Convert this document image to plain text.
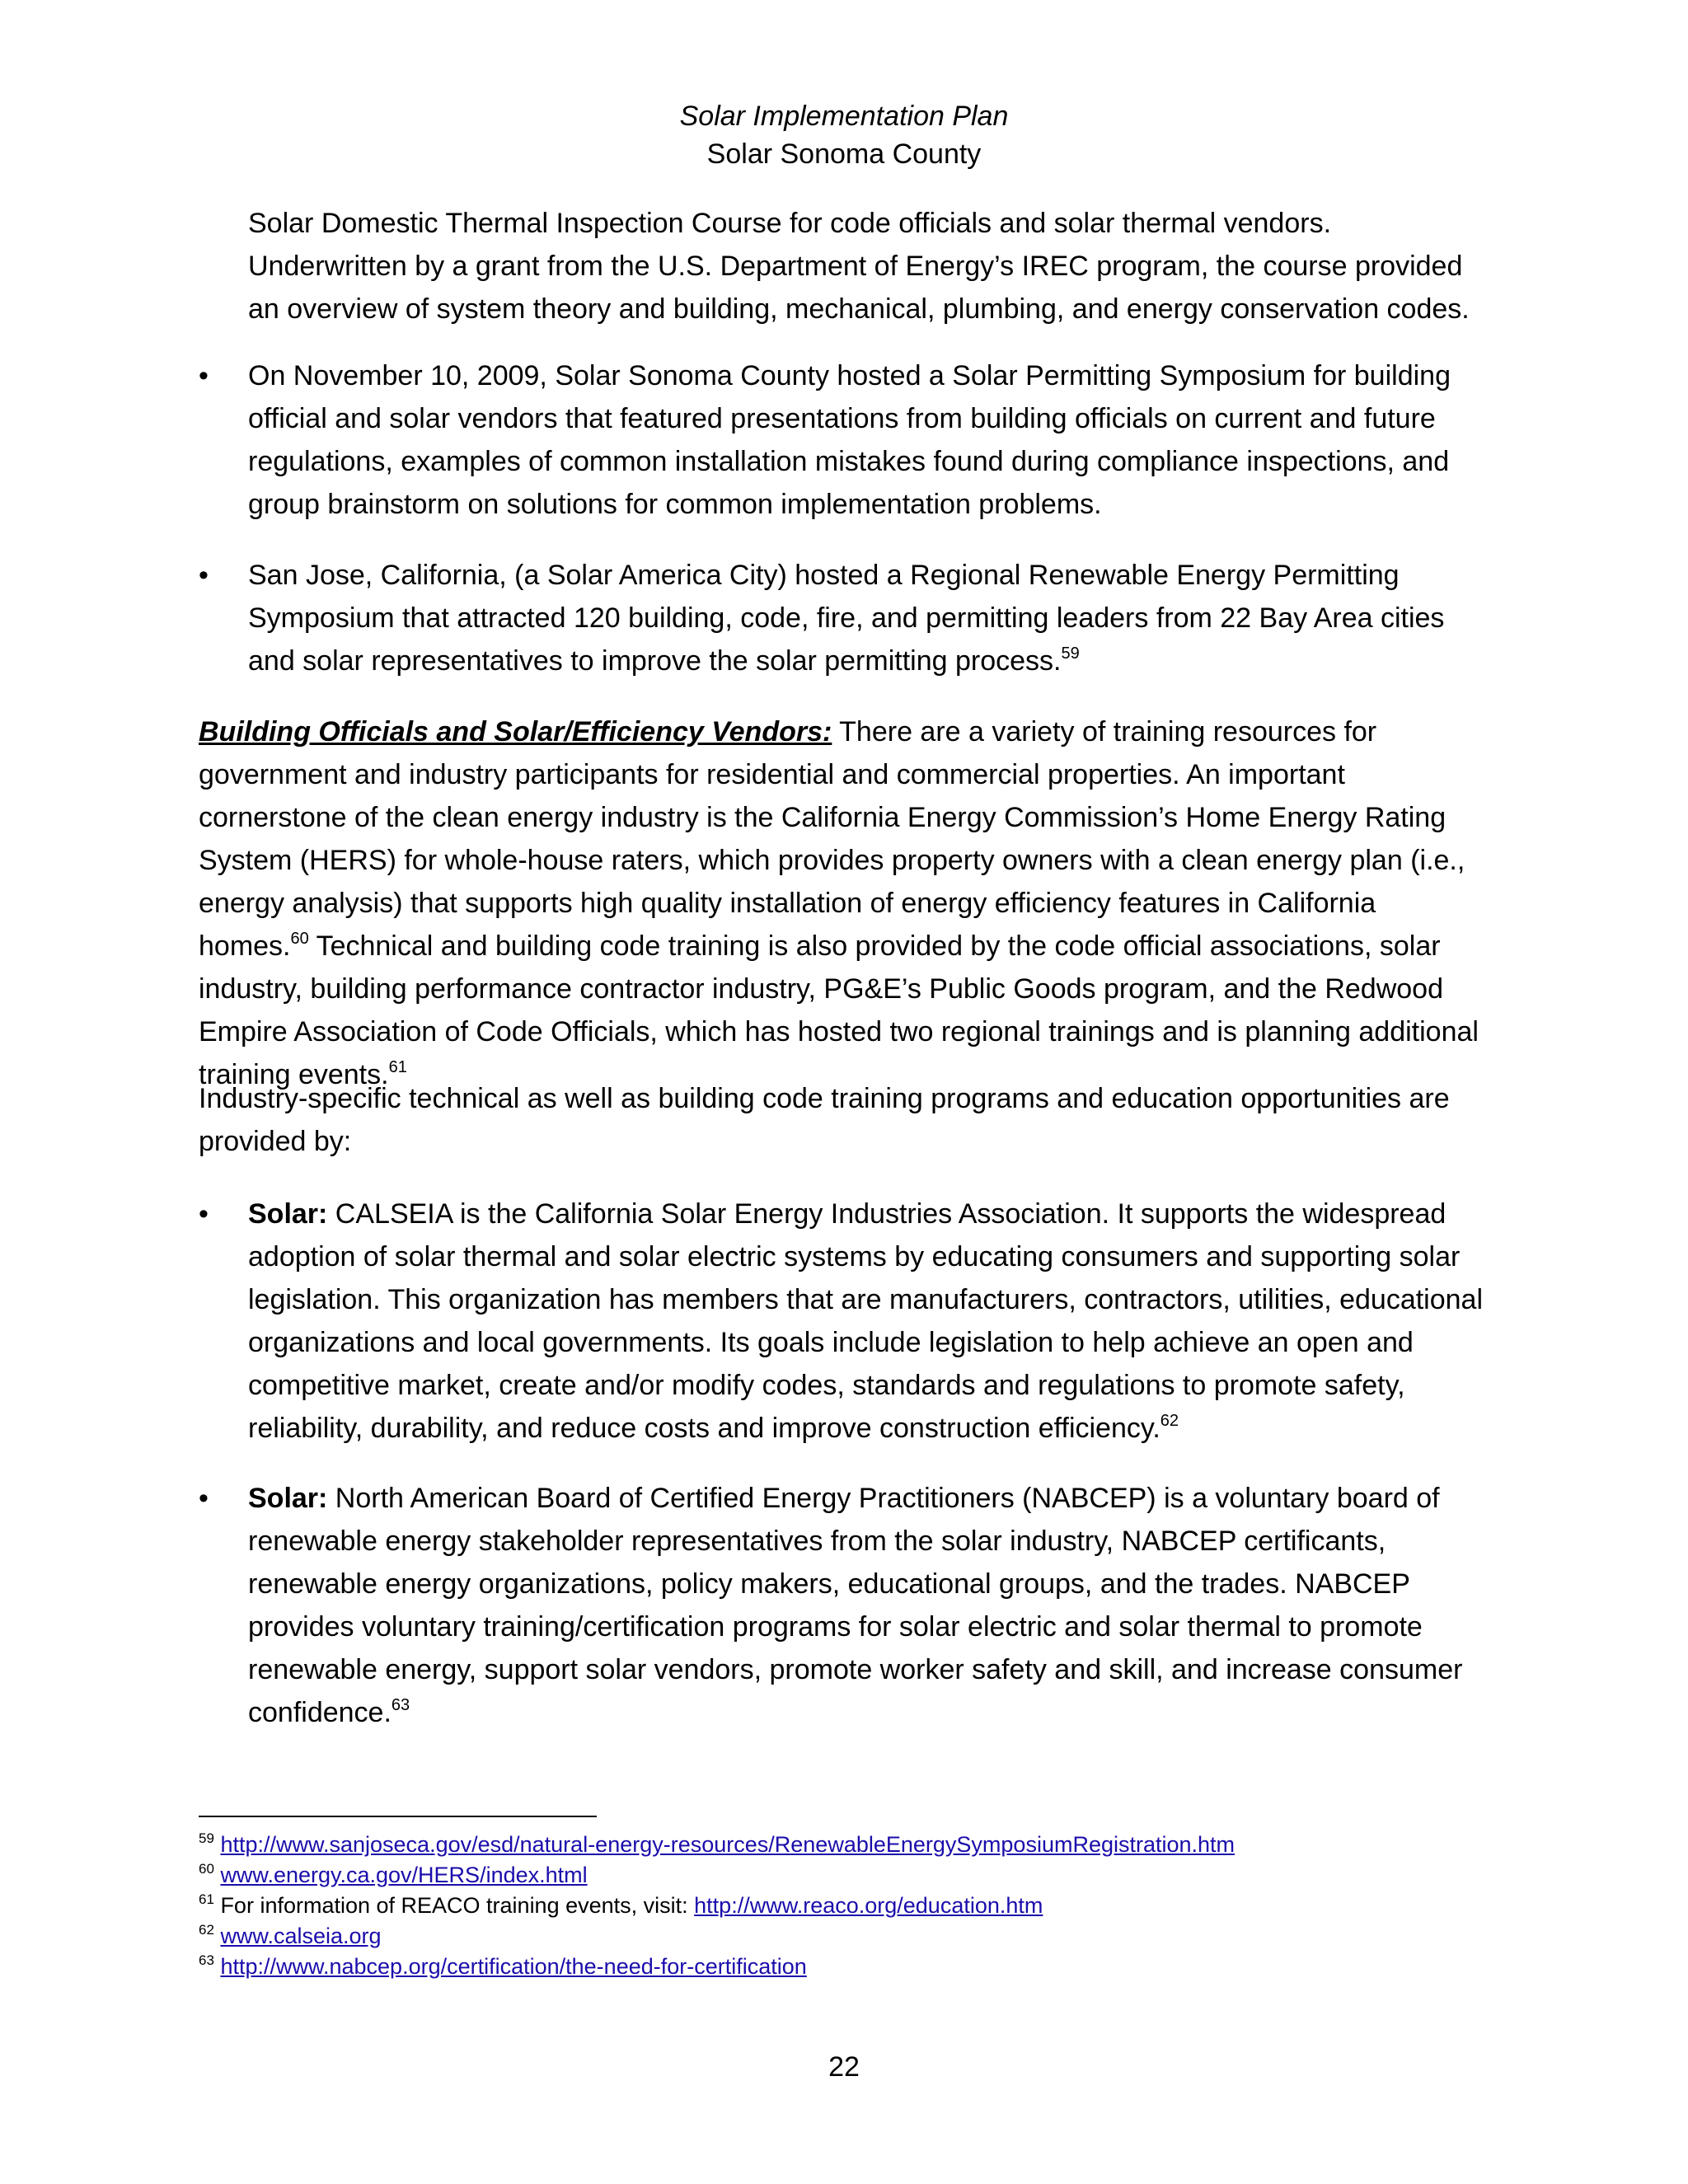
Solar Implementation Plan
Solar Sonoma County

Solar Domestic Thermal Inspection Course for code officials and solar thermal vendors. Underwritten by a grant from the U.S. Department of Energy’s IREC program, the course provided an overview of system theory and building, mechanical, plumbing, and energy conservation codes.

•	On November 10, 2009, Solar Sonoma County hosted a Solar Permitting Symposium for building official and solar vendors that featured presentations from building officials on current and future regulations, examples of common installation mistakes found during compliance inspections, and group brainstorm on solutions for common implementation problems.

•	San Jose, California, (a Solar America City) hosted a Regional Renewable Energy Permitting Symposium that attracted 120 building, code, fire, and permitting leaders from 22 Bay Area cities and solar representatives to improve the solar permitting process.$^{59}$

Building Officials and Solar/Efficiency Vendors: There are a variety of training resources for government and industry participants for residential and commercial properties. An important cornerstone of the clean energy industry is the California Energy Commission’s Home Energy Rating System (HERS) for whole-house raters, which provides property owners with a clean energy plan (i.e., energy analysis) that supports high quality installation of energy efficiency features in California homes.$^{60}$ Technical and building code training is also provided by the code official associations, solar industry, building performance contractor industry, PG&E’s Public Goods program, and the Redwood Empire Association of Code Officials, which has hosted two regional trainings and is planning additional training events.$^{61}$

Industry-specific technical as well as building code training programs and education opportunities are provided by:

•	Solar: CALSEIA is the California Solar Energy Industries Association. It supports the widespread adoption of solar thermal and solar electric systems by educating consumers and supporting solar legislation. This organization has members that are manufacturers, contractors, utilities, educational organizations and local governments. Its goals include legislation to help achieve an open and competitive market, create and/or modify codes, standards and regulations to promote safety, reliability, durability, and reduce costs and improve construction efficiency.$^{62}$

•	Solar: North American Board of Certified Energy Practitioners (NABCEP) is a voluntary board of renewable energy stakeholder representatives from the solar industry, NABCEP certificants, renewable energy organizations, policy makers, educational groups, and the trades. NABCEP provides voluntary training/certification programs for solar electric and solar thermal to promote renewable energy, support solar vendors, promote worker safety and skill, and increase consumer confidence.$^{63}$

$^{59}$ http://www.sanjoseca.gov/esd/natural-energy-resources/RenewableEnergySymposiumRegistration.htm
$^{60}$ www.energy.ca.gov/HERS/index.html
$^{61}$ For information of REACO training events, visit: http://www.reaco.org/education.htm
$^{62}$ www.calseia.org
$^{63}$ http://www.nabcep.org/certification/the-need-for-certification
22
